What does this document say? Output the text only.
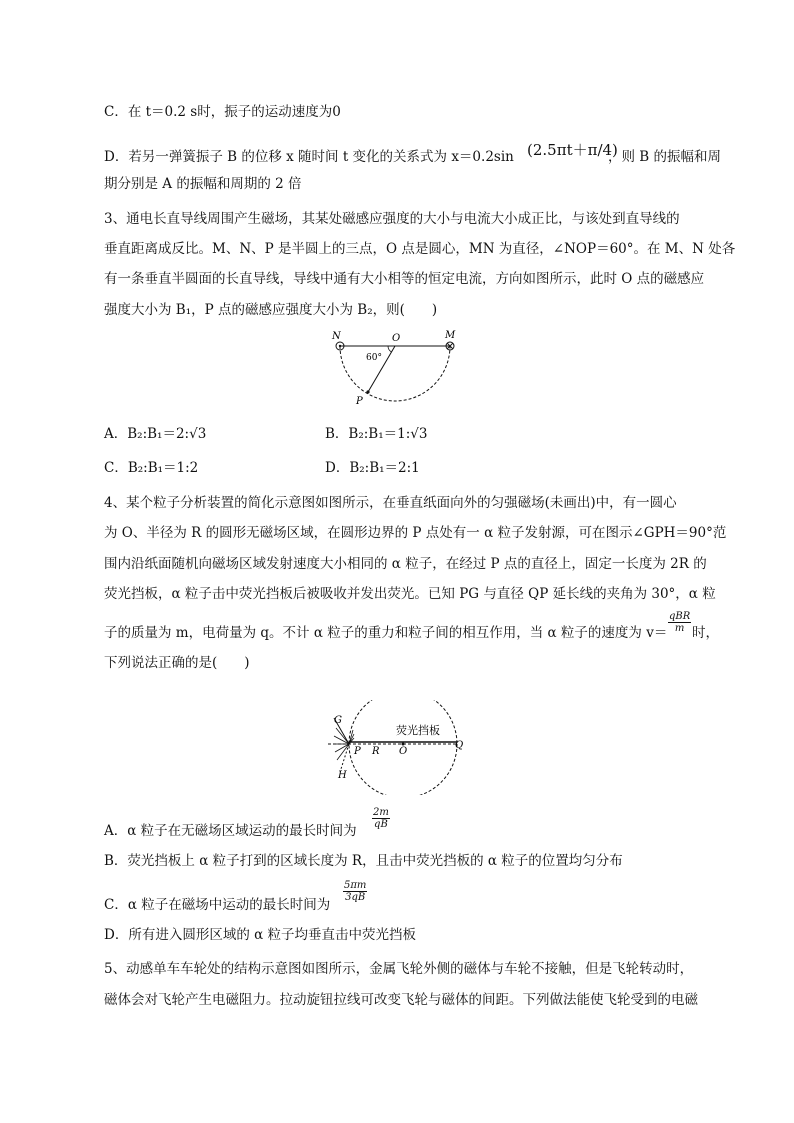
C．在 t＝0.2 s时，振子的运动速度为0
D．若另一弹簧振子 B 的位移 x 随时间 t 变化的关系式为 x＝0.2sin (2.5πt＋π/4)
，则 B 的振幅和周
期分别是 A 的振幅和周期的 2 倍
3、通电长直导线周围产生磁场，其某处磁感应强度的大小与电流大小成正比，与该处到直导线的
垂直距离成反比。M、N、P 是半圆上的三点，O 点是圆心，MN 为直径，∠NOP＝60°。在 M、N 处各
有一条垂直半圆面的长直导线，导线中通有大小相等的恒定电流，方向如图所示，此时 O 点的磁感应
强度大小为 B₁，P 点的磁感应强度大小为 B₂，则(　　)
N	O	M
60°
P
A．B₂:B₁＝2:√3	B．B₂:B₁＝1:√3
C．B₂:B₁＝1:2	D．B₂:B₁＝2:1
4、某个粒子分析装置的简化示意图如图所示，在垂直纸面向外的匀强磁场(未画出)中，有一圆心
为 O、半径为 R 的圆形无磁场区域，在圆形边界的 P 点处有一 α 粒子发射源，可在图示∠GPH＝90°范
围内沿纸面随机向磁场区域发射速度大小相同的 α 粒子，在经过 P 点的直径上，固定一长度为 2R 的
荧光挡板，α 粒子击中荧光挡板后被吸收并发出荧光。已知 PG 与直径 QP 延长线的夹角为 30°，α 粒
子的质量为 m，电荷量为 q。不计 α 粒子的重力和粒子间的相互作用，当 α 粒子的速度为 v＝
qBR
m 时，
下列说法正确的是(　　)
G
H
P R O
Q
荧光挡板
A．α 粒子在无磁场区域运动的最长时间为
$\frac{2m}{qB}$
B．荧光挡板上 α 粒子打到的区域长度为 R，且击中荧光挡板的 α 粒子的位置均匀分布
C．α 粒子在磁场中运动的最长时间为
$\frac{5\pi m}{3qB}$
D．所有进入圆形区域的 α 粒子均垂直击中荧光挡板
5、动感单车车轮处的结构示意图如图所示，金属飞轮外侧的磁体与车轮不接触，但是飞轮转动时，
磁体会对飞轮产生电磁阻力。拉动旋钮拉线可改变飞轮与磁体的间距。下列做法能使飞轮受到的电磁
